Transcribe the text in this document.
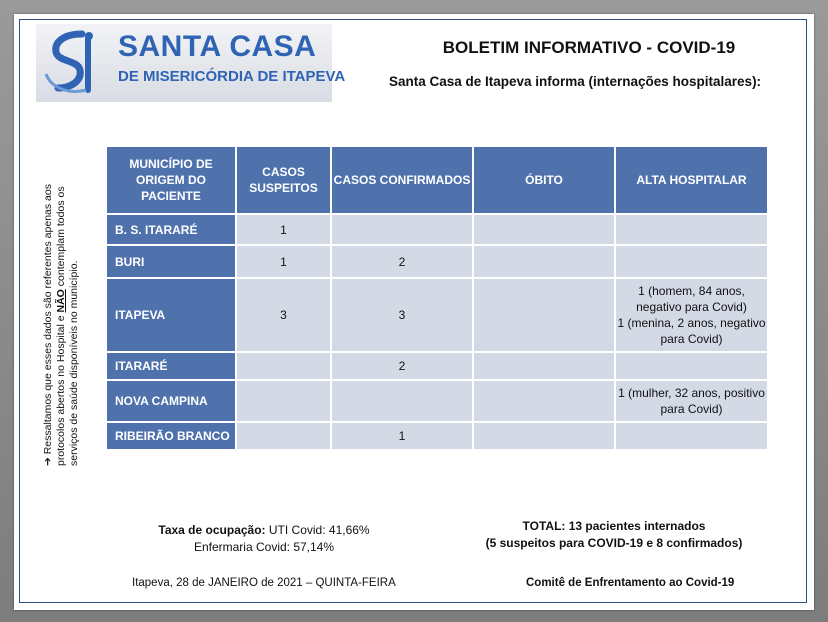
SANTA CASA
DE MISERICÓRDIA DE ITAPEVA
BOLETIM INFORMATIVO - COVID-19
Santa Casa de Itapeva informa (internações hospitalares):
➔ Ressaltamos que esses dados são referentes apenas aos protocolos abertos no Hospital e NÃO contemplam todos os serviços de saúde disponíveis no município.
MUNICÍPIO DE ORIGEM DO PACIENTE	CASOS SUSPEITOS	CASOS CONFIRMADOS	ÓBITO	ALTA HOSPITALAR
B. S. ITARARÉ	1			
BURI	1	2		
ITAPEVA	3	3		1 (homem, 84 anos, negativo para Covid)
1 (menina, 2 anos, negativo para Covid)

ITARARÉ		2		
NOVA CAMPINA				1 (mulher, 32 anos, positivo para Covid)
RIBEIRÃO BRANCO		1		
Taxa de ocupação: UTI Covid: 41,66%
Enfermaria Covid: 57,14%
TOTAL: 13 pacientes internados
(5 suspeitos para COVID-19 e 8 confirmados)
Itapeva, 28 de JANEIRO de 2021 – QUINTA-FEIRA	Comitê de Enfrentamento ao Covid-19
